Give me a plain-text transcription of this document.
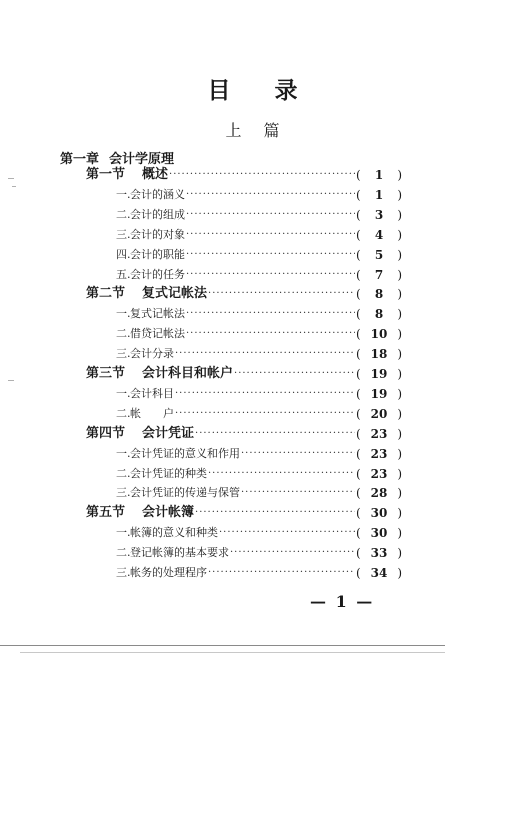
目录
上篇
第一章 会计学原理
第一节	概述 ·····	(	1	)
一. 会计的涵义 ·····	(	1	)
二. 会计的组成 ·····	(	3	)
三. 会计的对象 ·····	(	4	)
四. 会计的职能 ·····	(	5	)
五. 会计的任务 ·····	(	7	)
第二节	复式记帐法 ·····	(	8	)
一. 复式记帐法 ·····	(	8	)
二. 借贷记帐法 ·····	( 10 )
三. 会计分录 ·····	( 18 )
第三节	会计科目和帐户 ·····	( 19 )
一. 会计科目 ·····	( 19 )
二. 帐　　户 ·····	( 20 )
第四节	会计凭证 ·····	( 23 )
一. 会计凭证的意义和作用 ·····	( 23 )
二. 会计凭证的种类 ·····	( 23 )
三. 会计凭证的传递与保管 ·····	( 28 )
第五节	会计帐簿 ·····	( 30 )
一. 帐簿的意义和种类 ·····	( 30 )
二. 登记帐簿的基本要求 ·····	( 33 )
三. 帐务的处理程序 ·····	( 34 )
— 1 —
